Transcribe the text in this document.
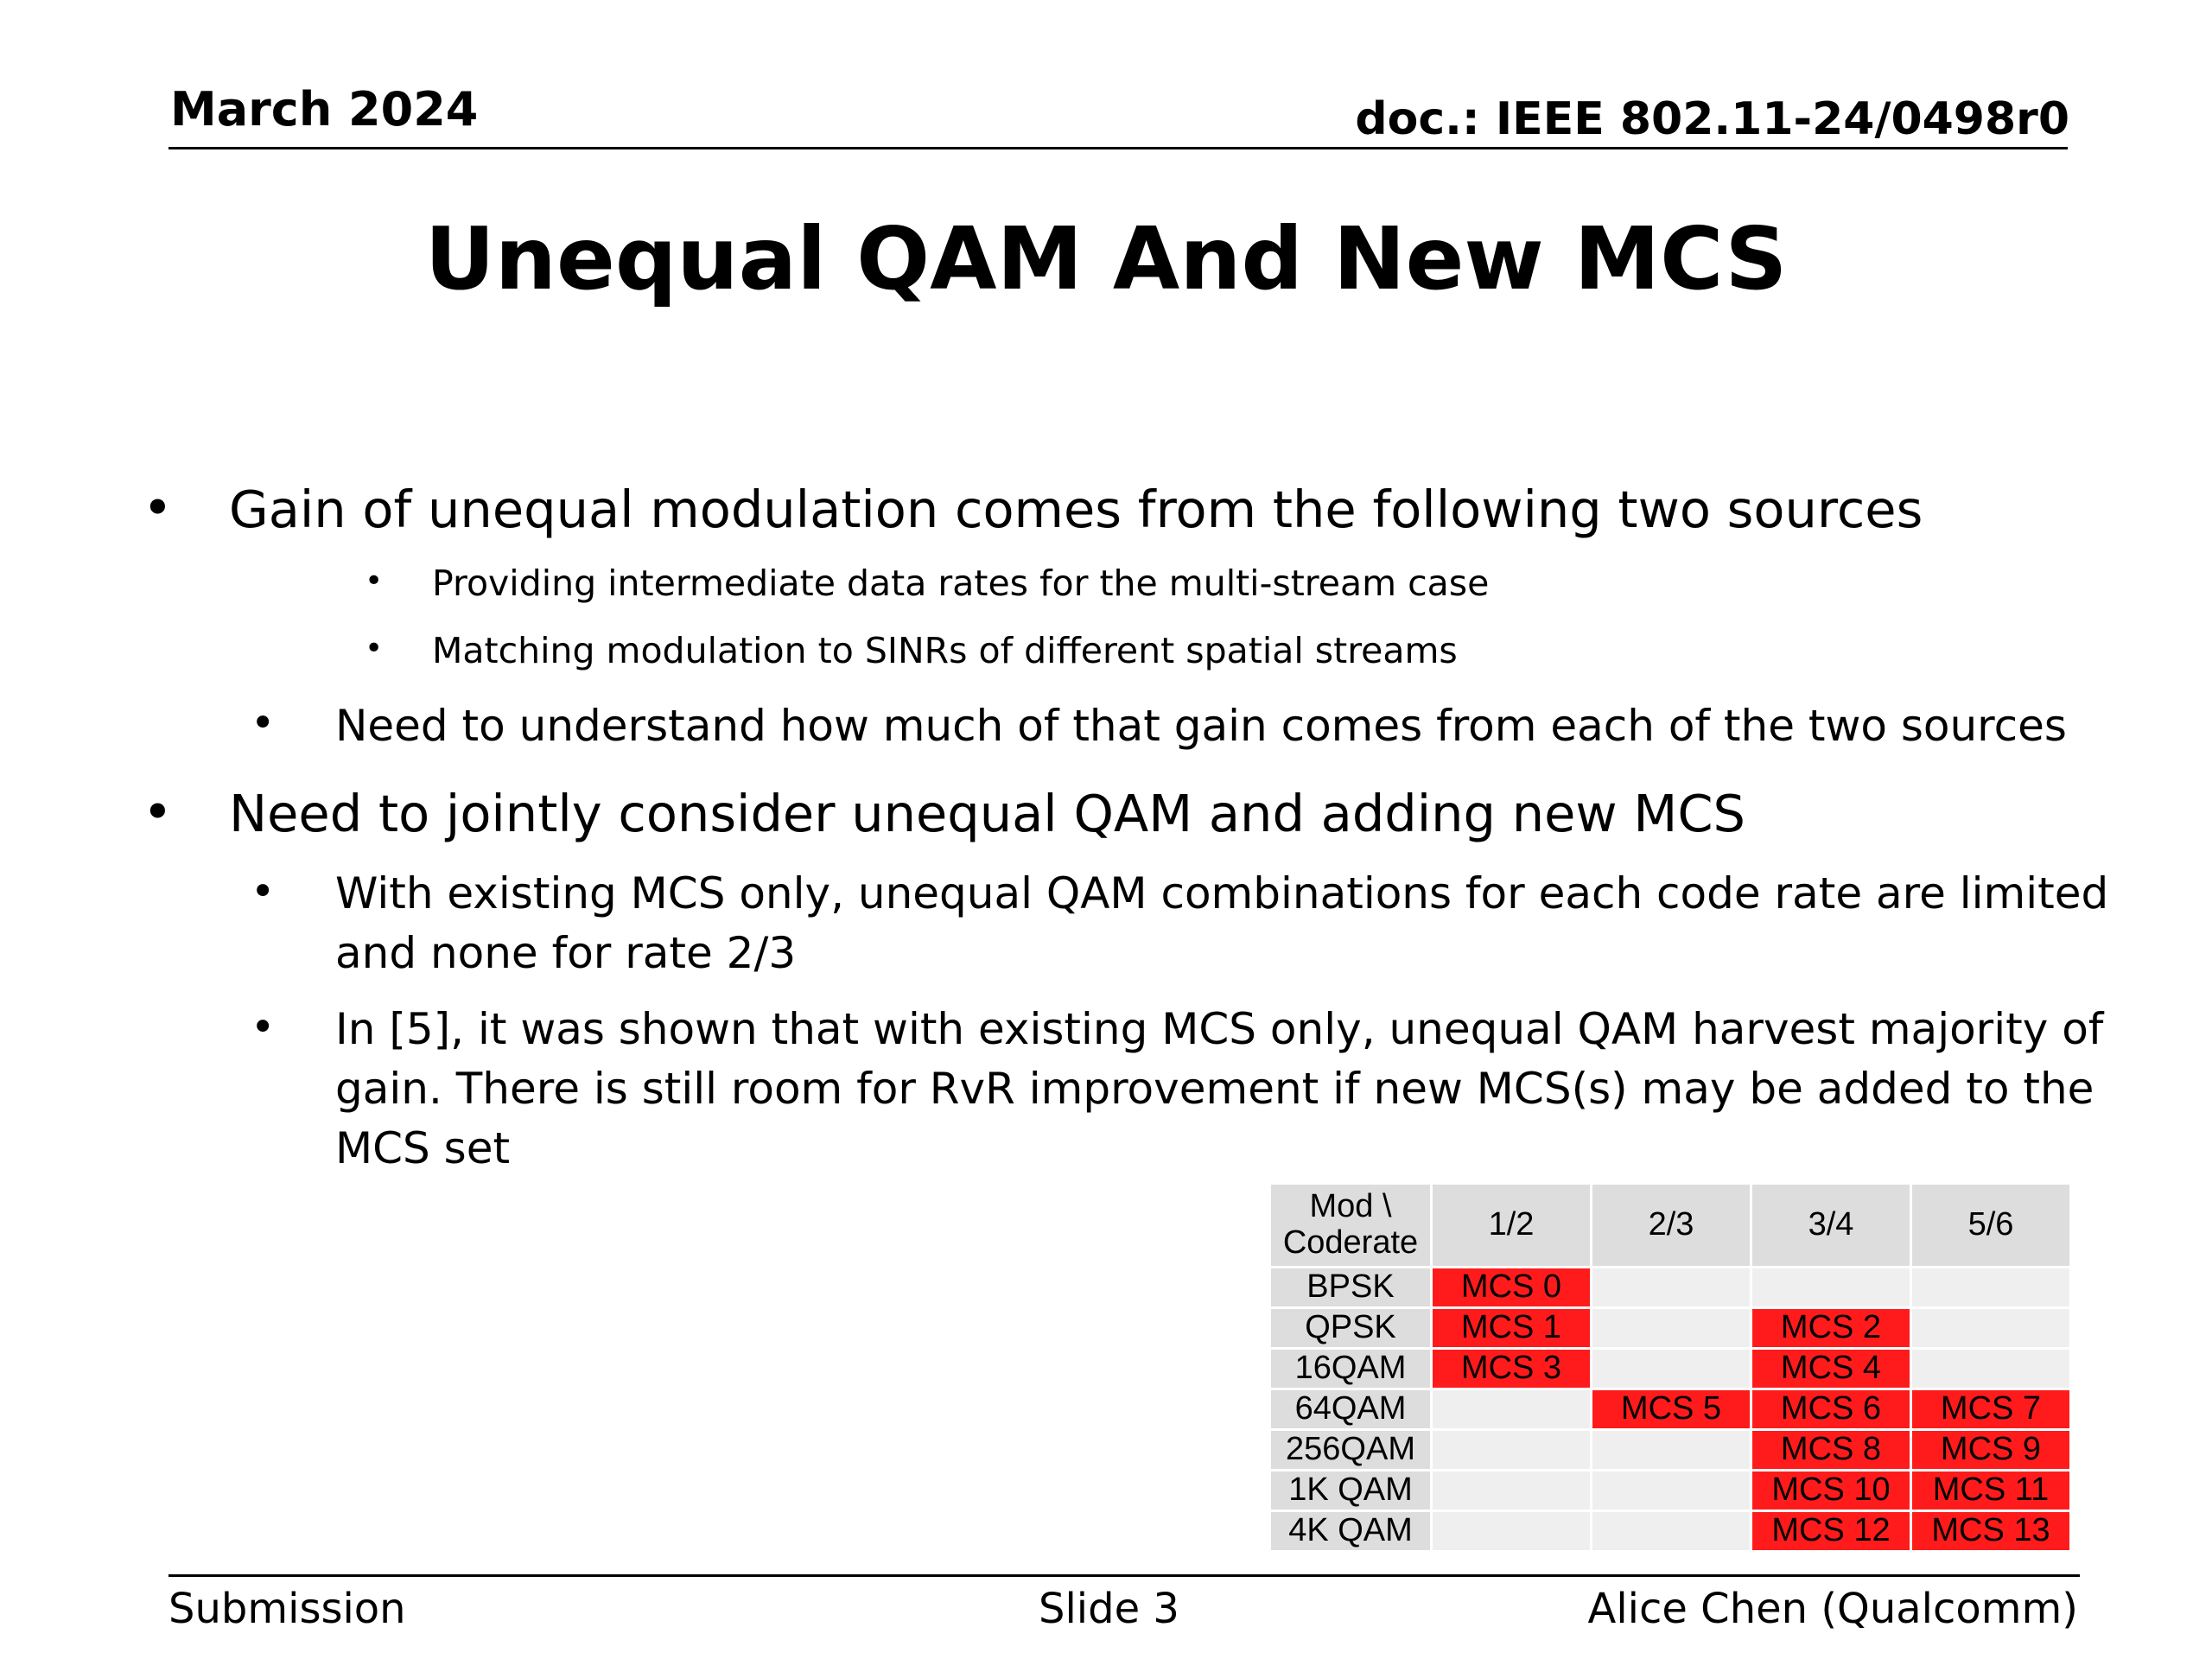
March 2024	doc.: IEEE 802.11-24/0498r0
Unequal QAM And New MCS
• Gain of unequal modulation comes from the following two sources
• Providing intermediate data rates for the multi-stream case
• Matching modulation to SINRs of different spatial streams
• Need to understand how much of that gain comes from each of the two sources
• Need to jointly consider unequal QAM and adding new MCS
• With existing MCS only, unequal QAM combinations for each code rate are limited
and none for rate 2/3
• In [5], it was shown that with existing MCS only, unequal QAM harvest majority of
gain. There is still room for RvR improvement if new MCS(s) may be added to the
MCS set
Mod \
Coderate	1/2	2/3	3/4	5/6
BPSK	MCS 0			
QPSK	MCS 1		MCS 2	
16QAM	MCS 3		MCS 4	
64QAM		MCS 5	MCS 6	MCS 7
256QAM			MCS 8	MCS 9
1K QAM			MCS 10	MCS 11
4K QAM			MCS 12	MCS 13
Submission	Slide 3	Alice Chen (Qualcomm)
